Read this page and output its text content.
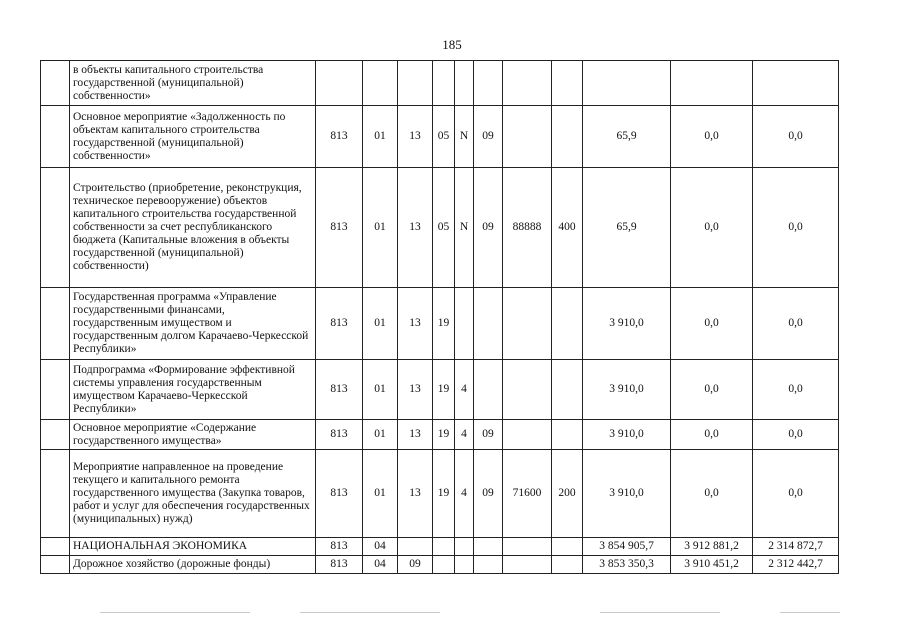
185
	в объекты капитального строительства государственной (муниципальной) собственности»											
	Основное мероприятие «Задолженность по объектам капитального строительства государственной (муниципальной) собственности»	813	01	13	05	N	09			65,9	0,0	0,0
	Строительство (приобретение, реконструкция, техническое перевооружение) объектов капитального строительства государственной собственности за счет республиканского бюджета (Капитальные вложения в объекты государственной (муниципальной) собственности)	813	01	13	05	N	09	88888	400	65,9	0,0	0,0
	Государственная программа «Управление государственными финансами, государственным имуществом и государственным долгом Карачаево-Черкесской Республики»	813	01	13	19					3 910,0	0,0	0,0
	Подпрограмма «Формирование эффективной системы управления государственным имуществом Карачаево-Черкесской Республики»	813	01	13	19	4				3 910,0	0,0	0,0
	Основное мероприятие «Содержание государственного имущества»	813	01	13	19	4	09			3 910,0	0,0	0,0
	Мероприятие направленное на проведение текущего и капитального ремонта государственного имущества (Закупка товаров, работ и услуг для обеспечения государственных (муниципальных) нужд)	813	01	13	19	4	09	71600	200	3 910,0	0,0	0,0
	НАЦИОНАЛЬНАЯ ЭКОНОМИКА	813	04							3 854 905,7	3 912 881,2	2 314 872,7
	Дорожное хозяйство (дорожные фонды)	813	04	09						3 853 350,3	3 910 451,2	2 312 442,7
